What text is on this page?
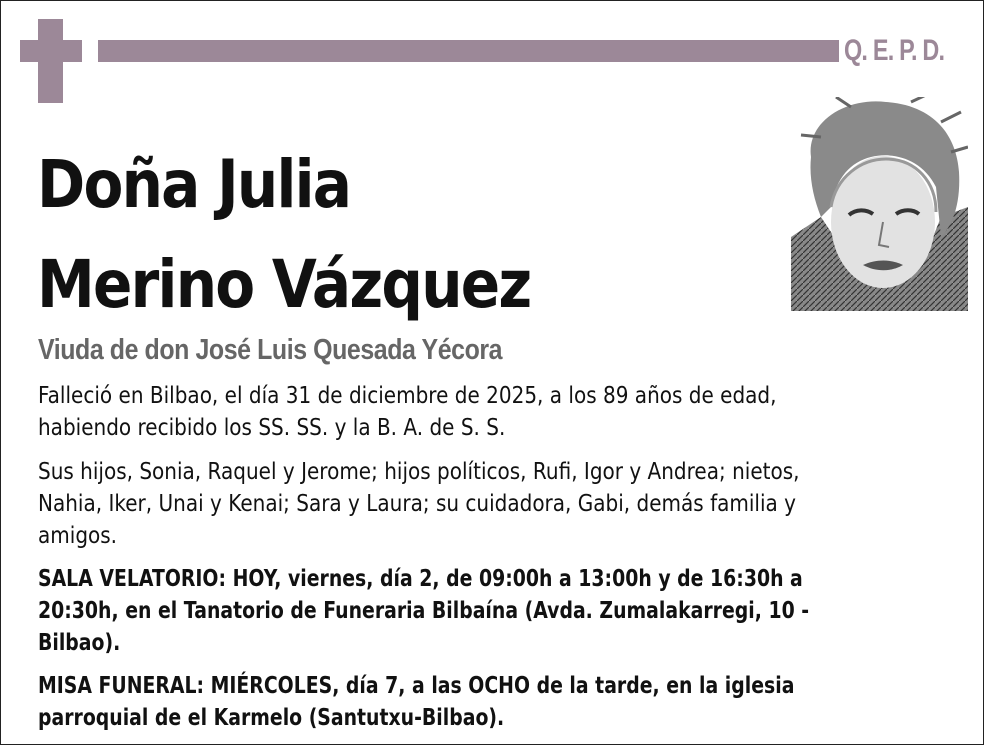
Q. E. P. D.
Doña Julia
Merino Vázquez
Viuda de don José Luis Quesada Yécora
Falleció en Bilbao, el día 31 de diciembre de 2025, a los 89 años de edad,
habiendo recibido los SS. SS. y la B. A. de S. S.
Sus hijos, Sonia, Raquel y Jerome; hijos políticos, Rufi, Igor y Andrea; nietos,
Nahia, Iker, Unai y Kenai; Sara y Laura; su cuidadora, Gabi, demás familia y
amigos.
SALA VELATORIO: HOY, viernes, día 2, de 09:00h a 13:00h y de 16:30h a
20:30h, en el Tanatorio de Funeraria Bilbaína (Avda. Zumalakarregi, 10 -
Bilbao).
MISA FUNERAL: MIÉRCOLES, día 7, a las OCHO de la tarde, en la iglesia
parroquial de el Karmelo (Santutxu-Bilbao).
